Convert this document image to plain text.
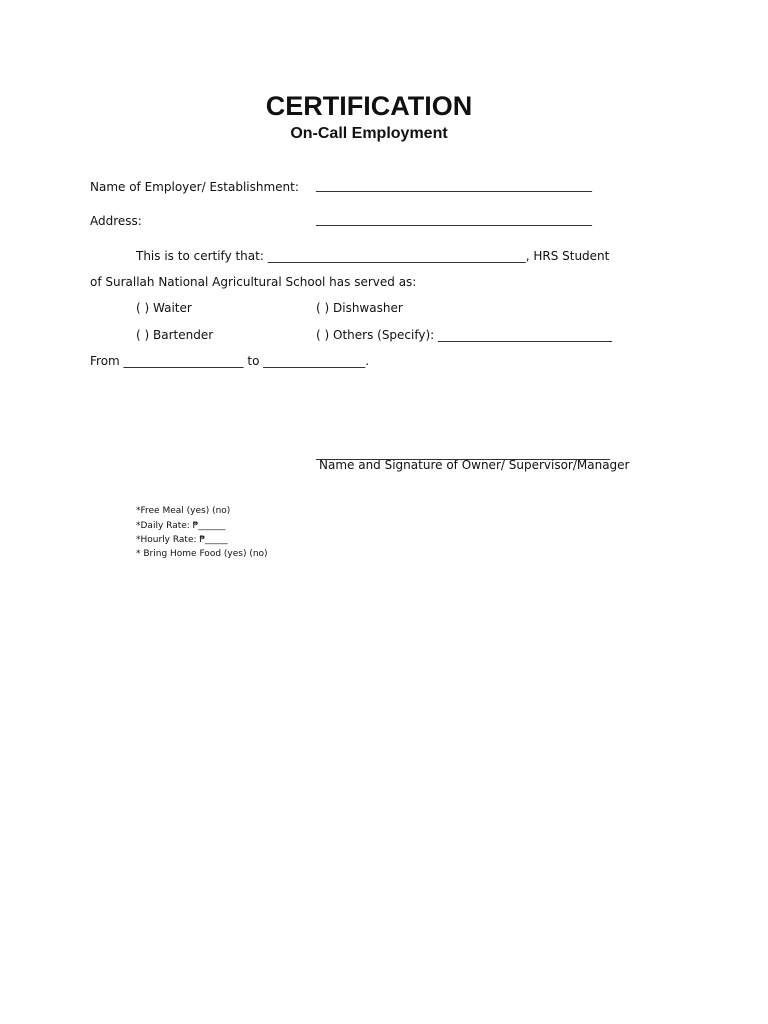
CERTIFICATION
On-Call Employment
Name of Employer/ Establishment: ______________________________________________
Address:	______________________________________________
This is to certify that: ___________________________________________, HRS Student
of Surallah National Agricultural School has served as:
( ) Waiter	( ) Dishwasher
( ) Bartender	( ) Others (Specify): _____________________________
From ____________________ to _________________.
_________________________________________________
Name and Signature of Owner/ Supervisor/Manager
*Free Meal (yes) (no)
*Daily Rate: ₱______
*Hourly Rate: ₱_____
* Bring Home Food (yes) (no)
